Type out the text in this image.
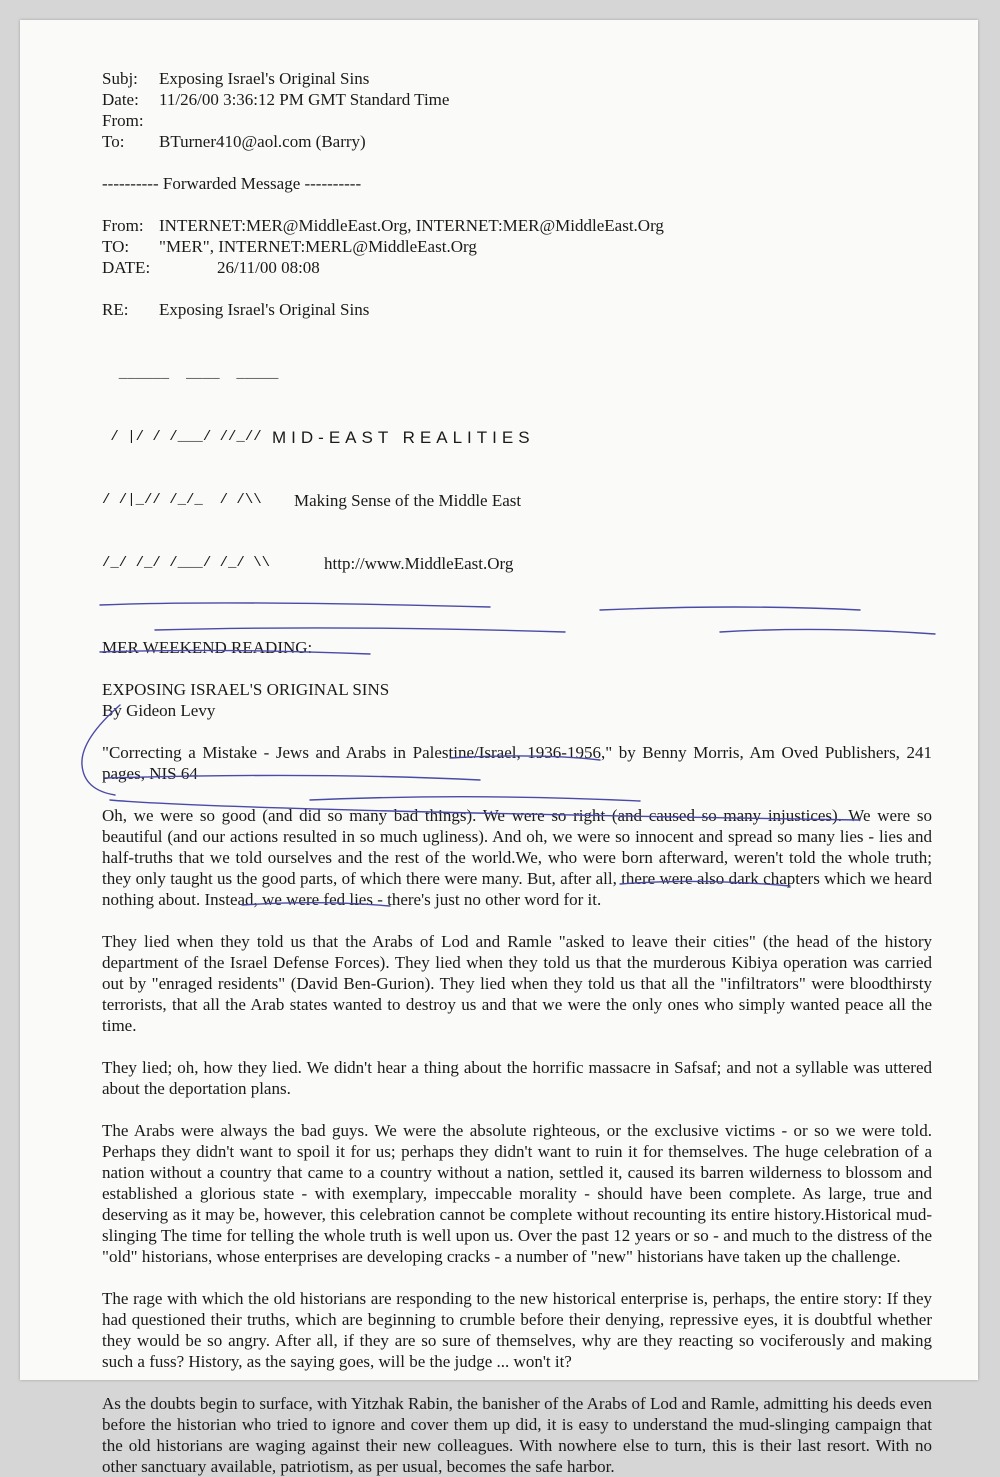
Subj:	Exposing Israel's Original Sins
Date:	11/26/00 3:36:12 PM GMT Standard Time
From:
To:	BTurner410@aol.com (Barry)
---------- Forwarded Message ----------
From: INTERNET:MER@MiddleEast.Org, INTERNET:MER@MiddleEast.Org
TO:	"MER", INTERNET:MERL@MiddleEast.Org
DATE:	26/11/00 08:08
RE:	Exposing Israel's Original Sins

______  ____  _____

/ |/ / /___/ //_// MID-EAST REALITIES

/ /|_// /_/_  / /\\	Making Sense of the Middle East

/_/ /_/ /___/ /_/ \\	http://www.MiddleEast.Org

MER WEEKEND READING:
EXPOSING ISRAEL'S ORIGINAL SINS
By Gideon Levy

"Correcting a Mistake - Jews and Arabs in Palestine/Israel, 1936-1956," by Benny Morris, Am Oved Publishers, 241 pages, NIS 64

Oh, we were so good (and did so many bad things). We were so right (and caused so many injustices). We were so beautiful (and our actions resulted in so much ugliness). And oh, we were so innocent and spread so many lies - lies and half-truths that we told ourselves and the rest of the world.We, who were born afterward, weren't told the whole truth; they only taught us the good parts, of which there were many. But, after all, there were also dark chapters which we heard nothing about. Instead, we were fed lies - there's just no other word for it.

They lied when they told us that the Arabs of Lod and Ramle "asked to leave their cities" (the head of the history department of the Israel Defense Forces). They lied when they told us that the murderous Kibiya operation was carried out by "enraged residents" (David Ben-Gurion). They lied when they told us that all the "infiltrators" were bloodthirsty terrorists, that all the Arab states wanted to destroy us and that we were the only ones who simply wanted peace all the time.

They lied; oh, how they lied. We didn't hear a thing about the horrific massacre in Safsaf; and not a syllable was uttered about the deportation plans.

The Arabs were always the bad guys. We were the absolute righteous, or the exclusive victims - or so we were told. Perhaps they didn't want to spoil it for us; perhaps they didn't want to ruin it for themselves. The huge celebration of a nation without a country that came to a country without a nation, settled it, caused its barren wilderness to blossom and established a glorious state - with exemplary, impeccable morality - should have been complete. As large, true and deserving as it may be, however, this celebration cannot be complete without recounting its entire history.Historical mud-slinging The time for telling the whole truth is well upon us. Over the past 12 years or so - and much to the distress of the "old" historians, whose enterprises are developing cracks - a number of "new" historians have taken up the challenge.

The rage with which the old historians are responding to the new historical enterprise is, perhaps, the entire story: If they had questioned their truths, which are beginning to crumble before their denying, repressive eyes, it is doubtful whether they would be so angry. After all, if they are so sure of themselves, why are they reacting so vociferously and making such a fuss? History, as the saying goes, will be the judge ... won't it?

As the doubts begin to surface, with Yitzhak Rabin, the banisher of the Arabs of Lod and Ramle, admitting his deeds even before the historian who tried to ignore and cover them up did, it is easy to understand the mud-slinging campaign that the old historians are waging against their new colleagues. With nowhere else to turn, this is their last resort. With no other sanctuary available, patriotism, as per usual, becomes the safe harbor.
